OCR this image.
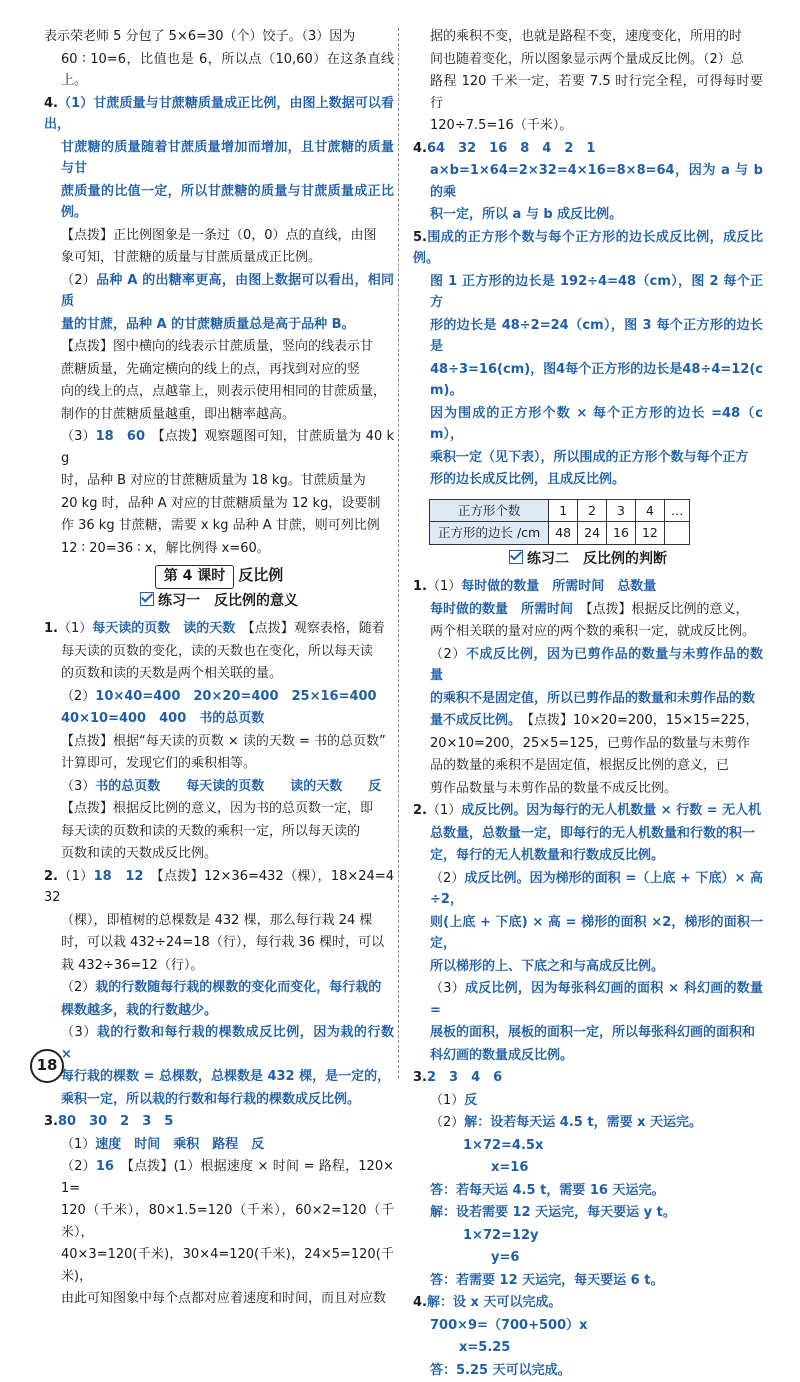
表示荣老师 5 分包了 5×6=30（个）饺子。（3）因为

60 ∶ 10=6，比值也是 6，所以点（10,60）在这条直线上。

4.（1）甘蔗质量与甘蔗糖质量成正比例，由图上数据可以看出，

甘蔗糖的质量随着甘蔗质量增加而增加，且甘蔗糖的质量与甘

蔗质量的比值一定，所以甘蔗糖的质量与甘蔗质量成正比例。

【点拨】正比例图象是一条过（0，0）点的直线，由图

象可知，甘蔗糖的质量与甘蔗质量成正比例。

（2）品种 A 的出糖率更高，由图上数据可以看出，相同质

量的甘蔗，品种 A 的甘蔗糖质量总是高于品种 B。

【点拨】图中横向的线表示甘蔗质量，竖向的线表示甘

蔗糖质量，先确定横向的线上的点，再找到对应的竖

向的线上的点，点越靠上，则表示使用相同的甘蔗质量，

制作的甘蔗糖质量越重，即出糖率越高。

（3）18　60　 【点拨】观察题图可知，甘蔗质量为 40 kg

时，品种 B 对应的甘蔗糖质量为 18 kg。甘蔗质量为

20 kg 时，品种 A 对应的甘蔗糖质量为 12 kg，设要制

作 36 kg 甘蔗糖，需要 x kg 品种 A 甘蔗，则可列比例

12 ∶ 20=36 ∶ x，解比例得 x=60。

第 4 课时 反比例
练习一　反比例的意义

1.（1）每天读的页数　读的天数　 【点拨】观察表格，随着

每天读的页数的变化，读的天数也在变化，所以每天读

的页数和读的天数是两个相关联的量。

（2）10×40=400　20×20=400　25×16=400

40×10=400　400　书的总页数

【点拨】根据“每天读的页数 × 读的天数 = 书的总页数”

计算即可，发现它们的乘积相等。

（3）书的总页数　　每天读的页数　　读的天数　　反

【点拨】根据反比例的意义，因为书的总页数一定，即

每天读的页数和读的天数的乘积一定，所以每天读的

页数和读的天数成反比例。

2.（1）18　12　 【点拨】12×36=432（棵），18×24=432

（棵），即植树的总棵数是 432 棵，那么每行栽 24 棵

时，可以栽 432÷24=18（行），每行栽 36 棵时，可以

栽 432÷36=12（行）。

（2）栽的行数随每行栽的棵数的变化而变化，每行栽的

棵数越多，栽的行数越少。

（3）栽的行数和每行栽的棵数成反比例，因为栽的行数 ×

每行栽的棵数 = 总棵数，总棵数是 432 棵，是一定的，

乘积一定，所以栽的行数和每行栽的棵数成反比例。

3.80　30　2　3　5

（1）速度　时间　乘积　路程　反

（2）16　 【点拨】(1）根据速度 × 时间 = 路程，120×1=

120（千米），80×1.5=120（千米），60×2=120（千米），

40×3=120(千米)，30×4=120(千米)，24×5=120(千米)，

由此可知图象中每个点都对应着速度和时间，而且对应数

据的乘积不变，也就是路程不变，速度变化，所用的时

间也随着变化，所以图象显示两个量成反比例。（2）总

路程 120 千米一定，若要 7.5 时行完全程，可得每时要行

120÷7.5=16（千米）。

4.64　32　16　8　4　2　1

a×b=1×64=2×32=4×16=8×8=64，因为 a 与 b 的乘

积一定，所以 a 与 b 成反比例。

5.围成的正方形个数与每个正方形的边长成反比例，成反比例。

图 1 正方形的边长是 192÷4=48（cm），图 2 每个正方

形的边长是 48÷2=24（cm），图 3 每个正方形的边长是

48÷3=16(cm)，图4每个正方形的边长是48÷4=12(cm)。

因为围成的正方形个数 × 每个正方形的边长 =48（cm），

乘积一定（见下表），所以围成的正方形个数与每个正方

形的边长成反比例，且成反比例。

正方形个数	1	2	3	4	…
正方形的边长 /cm	48	24	16	12	
练习二　反比例的判断

1.（1）每时做的数量　所需时间　总数量

每时做的数量　所需时间　 【点拨】根据反比例的意义，

两个相关联的量对应的两个数的乘积一定，就成反比例。

（2）不成反比例，因为已剪作品的数量与未剪作品的数量

的乘积不是固定值，所以已剪作品的数量和未剪作品的数

量不成反比例。　 【点拨】10×20=200，15×15=225，

20×10=200，25×5=125，已剪作品的数量与未剪作

品的数量的乘积不是固定值，根据反比例的意义，已

剪作品数量与未剪作品的数量不成反比例。

2.（1）成反比例。因为每行的无人机数量 × 行数 = 无人机

总数量，总数量一定，即每行的无人机数量和行数的积一

定，每行的无人机数量和行数成反比例。

（2）成反比例。因为梯形的面积 =（上底 + 下底）× 高 ÷2，

则(上底 + 下底) × 高 = 梯形的面积 ×2，梯形的面积一定，

所以梯形的上、下底之和与高成反比例。

（3）成反比例，因为每张科幻画的面积 × 科幻画的数量 =

展板的面积，展板的面积一定，所以每张科幻画的面积和

科幻画的数量成反比例。

3.2　3　4　6

（1）反

（2）解：设若每天运 4.5 t，需要 x 天运完。

1×72=4.5x

x=16

答：若每天运 4.5 t，需要 16 天运完。

解：设若需要 12 天运完，每天要运 y t。

1×72=12y

y=6

答：若需要 12 天运完，每天要运 6 t。

4.解：设 x 天可以完成。

700×9=（700+500）x

x=5.25

答：5.25 天可以完成。

18
